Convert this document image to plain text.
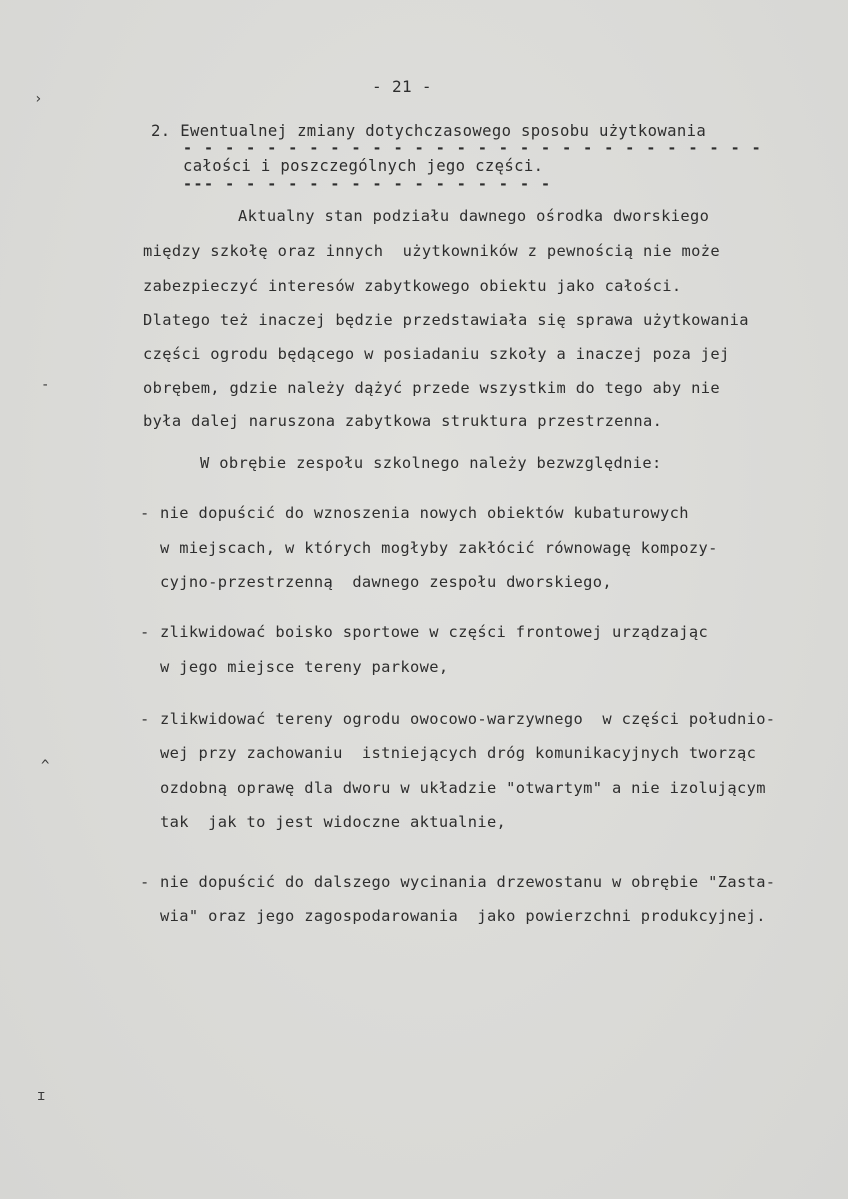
- 21 -
2. Ewentualnej zmiany dotychczasowego sposobu użytkowania
- - - - - - - - - - - - - - - - - - - - - - - - - - - -
całości i poszczególnych jego części.
--- - - - - - - - - - - - - - - - -
Aktualny stan podziału dawnego ośrodka dworskiego
między szkołę oraz innych  użytkowników z pewnością nie może
zabezpieczyć interesów zabytkowego obiektu jako całości.
Dlatego też inaczej będzie przedstawiała się sprawa użytkowania
części ogrodu będącego w posiadaniu szkoły a inaczej poza jej
obrębem, gdzie należy dążyć przede wszystkim do tego aby nie
była dalej naruszona zabytkowa struktura przestrzenna.
W obrębie zespołu szkolnego należy bezwzględnie:
- nie dopuścić do wznoszenia nowych obiektów kubaturowych
w miejscach, w których mogłyby zakłócić równowagę kompozy-
cyjno-przestrzenną  dawnego zespołu dworskiego,
- zlikwidować boisko sportowe w części frontowej urządzając
w jego miejsce tereny parkowe,
- zlikwidować tereny ogrodu owocowo-warzywnego  w części południo-
wej przy zachowaniu  istniejących dróg komunikacyjnych tworząc
ozdobną oprawę dla dworu w układzie "otwartym" a nie izolującym
tak  jak to jest widoczne aktualnie,
- nie dopuścić do dalszego wycinania drzewostanu w obrębie "Zasta-
wia" oraz jego zagospodarowania  jako powierzchni produkcyjnej.
›
-
^
ɪ
